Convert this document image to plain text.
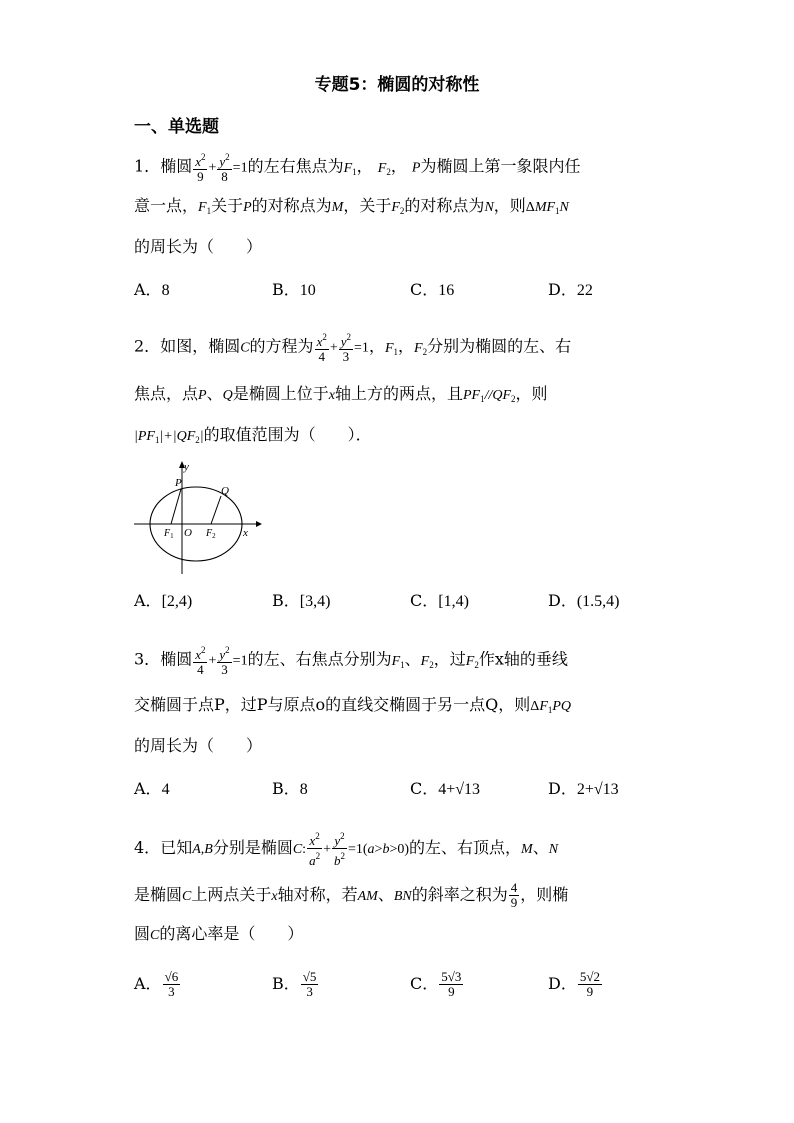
专题5：椭圆的对称性
一、单选题
1．椭圆 $\frac{x^2}{9} + \frac{y^2}{8} =1$的左右焦点为$F_1$， $F_2$， P为椭圆上第一象限内任
意一点，$F_1$关于P的对称点为M，关于$F_2$的对称点为N，则$\Delta MF_1N$
的周长为（　　）
A．8	B．10	C．16	D．22
2．如图，椭圆C的方程为 $\frac{x^2}{4} + \frac{y^2}{3} =1$，$F_1$，$F_2$分别为椭圆的左、右
焦点，点P、Q是椭圆上位于x轴上方的两点，且$PF_1//QF_2$，则
$|PF_1|+|QF_2|$的取值范围为（　　）．
y
x
P
Q
O
$F_1$	$F_2$
A．[2,4)	B．[3,4)	C．[1,4)	D．(1.5,4)
3．椭圆 $\frac{x^2}{4} + \frac{y^2}{3} =1$的左、右焦点分别为$F_1$、$F_2$，过$F_2$作x轴的垂线
交椭圆于点P，过P与原点o的直线交椭圆于另一点Q，则$\Delta F_1PQ$
的周长为（　　）
A．4	B．8	C．4+√13	D．2+√13
4．已知A,B分别是椭圆C: $\frac{x^2}{a^2} + \frac{y^2}{b^2} =1(a>b>0)$的左、右顶点，M、N
是椭圆C上两点关于x轴对称，若AM、BN的斜率之积为 $\frac{4}{9}$ ，则椭
圆C的离心率是（　　）
A． $\frac{√6}{3}$	B． $\frac{√5}{3}$	C． $\frac{5√3}{9}$	D． $\frac{5√2}{9}$
